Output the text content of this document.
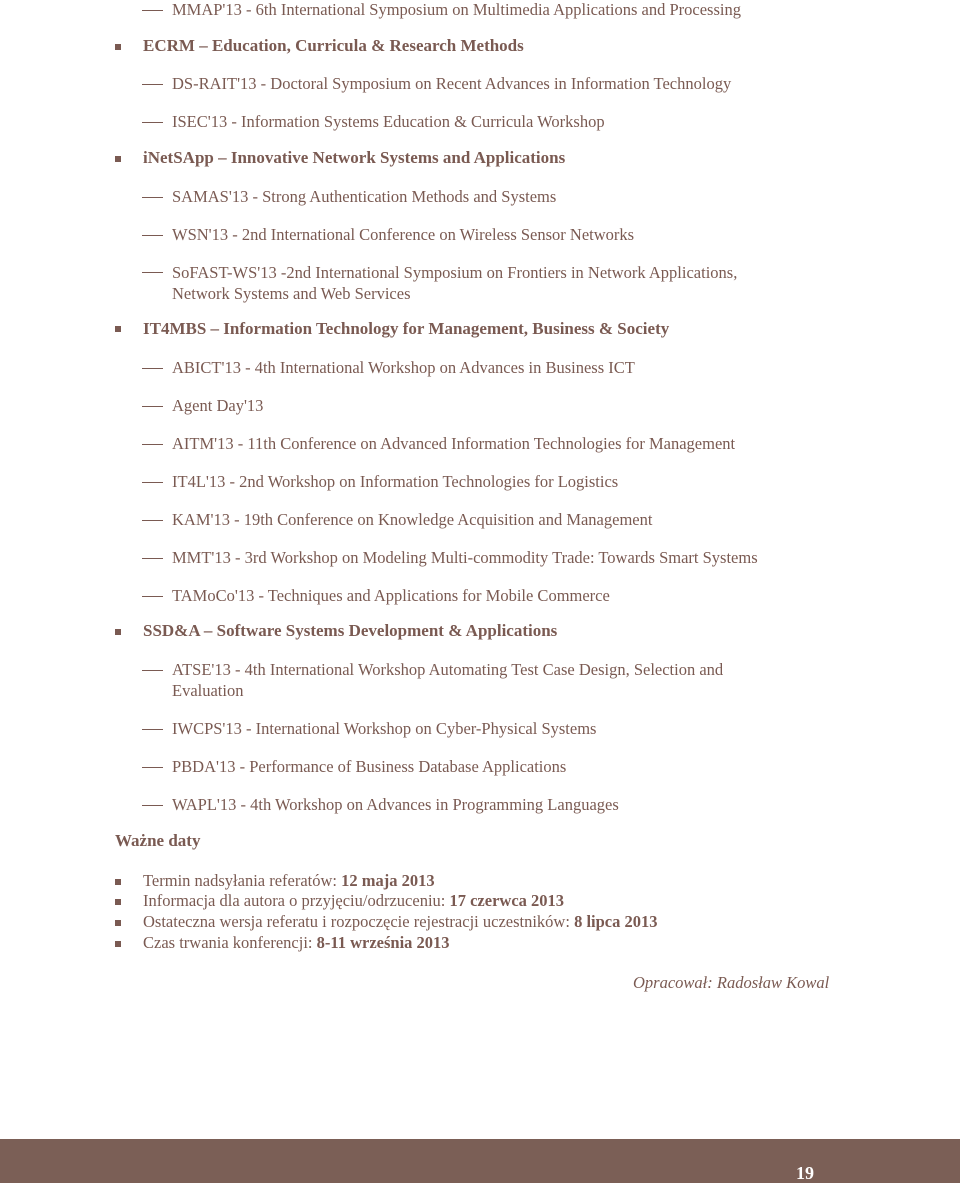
MMAP'13 - 6th International Symposium on Multimedia Applications and Processing
ECRM – Education, Curricula & Research Methods
DS-RAIT'13 - Doctoral Symposium on Recent Advances in Information Technology
ISEC'13 - Information Systems Education & Curricula Workshop
iNetSApp – Innovative Network Systems and Applications
SAMAS'13 - Strong Authentication Methods and Systems
WSN'13 - 2nd International Conference on Wireless Sensor Networks
SoFAST-WS'13 -2nd International Symposium on Frontiers in Network Applications,
Network Systems and Web Services
IT4MBS – Information Technology for Management, Business & Society
ABICT'13 - 4th International Workshop on Advances in Business ICT
Agent Day'13
AITM'13 - 11th Conference on Advanced Information Technologies for Management
IT4L'13 - 2nd Workshop on Information Technologies for Logistics
KAM'13 - 19th Conference on Knowledge Acquisition and Management
MMT'13 - 3rd Workshop on Modeling Multi-commodity Trade: Towards Smart Systems
TAMoCo'13 - Techniques and Applications for Mobile Commerce
SSD&A – Software Systems Development & Applications
ATSE'13 - 4th International Workshop Automating Test Case Design, Selection and
Evaluation
IWCPS'13 - International Workshop on Cyber-Physical Systems
PBDA'13 - Performance of Business Database Applications
WAPL'13 - 4th Workshop on Advances in Programming Languages
Ważne daty
Termin nadsyłania referatów: 12 maja 2013
Informacja dla autora o przyjęciu/odrzuceniu: 17 czerwca 2013
Ostateczna wersja referatu i rozpoczęcie rejestracji uczestników: 8 lipca 2013
Czas trwania konferencji: 8-11 września 2013
Opracował: Radosław Kowal
19
